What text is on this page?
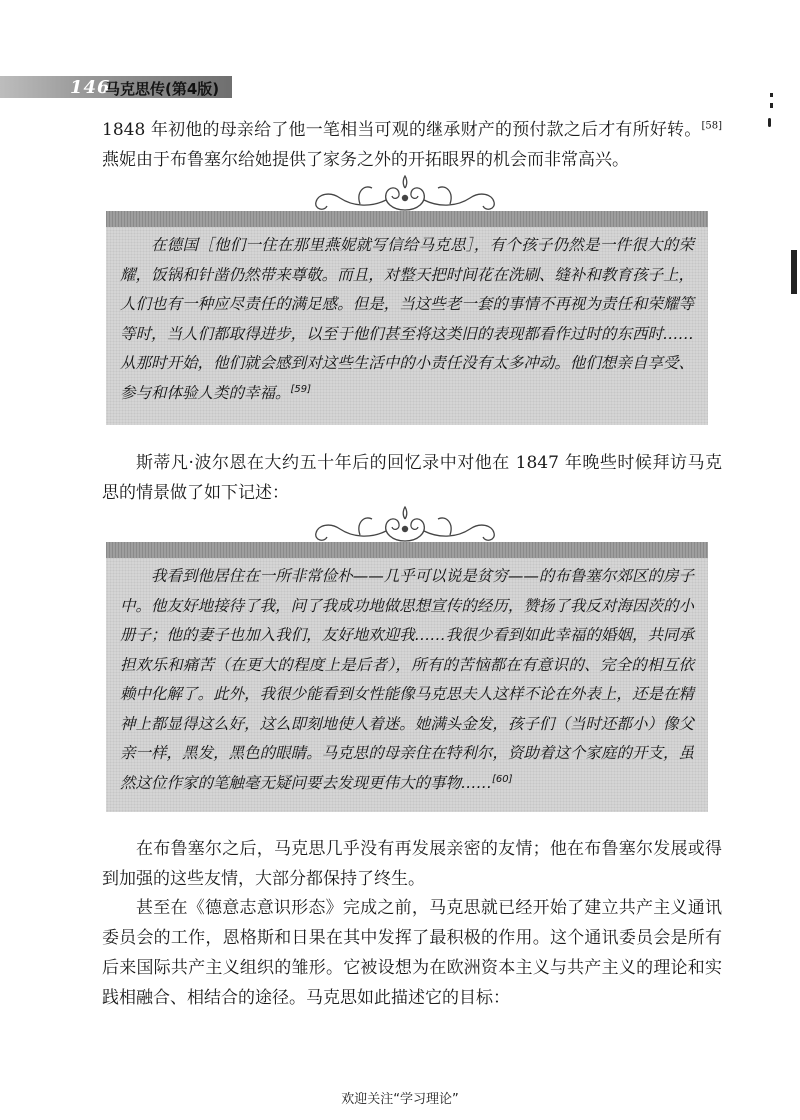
146
马克思传(第4版)

1848 年初他的母亲给了他一笔相当可观的继承财产的预付款之后才有所好转。[58]燕妮由于布鲁塞尔给她提供了家务之外的开拓眼界的机会而非常高兴。

在德国［他们一住在那里燕妮就写信给马克思］，有个孩子仍然是一件很大的荣耀，饭锅和针凿仍然带来尊敬。而且，对整天把时间花在洗刷、缝补和教育孩子上，人们也有一种应尽责任的满足感。但是，当这些老一套的事情不再视为责任和荣耀等等时，当人们都取得进步，以至于他们甚至将这类旧的表现都看作过时的东西时……从那时开始，他们就会感到对这些生活中的小责任没有太多冲动。他们想亲自享受、参与和体验人类的幸福。[59]

斯蒂凡·波尔恩在大约五十年后的回忆录中对他在 1847 年晚些时候拜访马克思的情景做了如下记述：

我看到他居住在一所非常俭朴——几乎可以说是贫穷——的布鲁塞尔郊区的房子中。他友好地接待了我，问了我成功地做思想宣传的经历，赞扬了我反对海因茨的小册子；他的妻子也加入我们，友好地欢迎我……我很少看到如此幸福的婚姻，共同承担欢乐和痛苦（在更大的程度上是后者），所有的苦恼都在有意识的、完全的相互依赖中化解了。此外，我很少能看到女性能像马克思夫人这样不论在外表上，还是在精神上都显得这么好，这么即刻地使人着迷。她满头金发，孩子们（当时还都小）像父亲一样，黑发，黑色的眼睛。马克思的母亲住在特利尔，资助着这个家庭的开支，虽然这位作家的笔触毫无疑问要去发现更伟大的事物……[60]

在布鲁塞尔之后，马克思几乎没有再发展亲密的友情；他在布鲁塞尔发展或得到加强的这些友情，大部分都保持了终生。

甚至在《德意志意识形态》完成之前，马克思就已经开始了建立共产主义通讯委员会的工作，恩格斯和日果在其中发挥了最积极的作用。这个通讯委员会是所有后来国际共产主义组织的雏形。它被设想为在欧洲资本主义与共产主义的理论和实践相融合、相结合的途径。马克思如此描述它的目标：

欢迎关注“学习理论”
